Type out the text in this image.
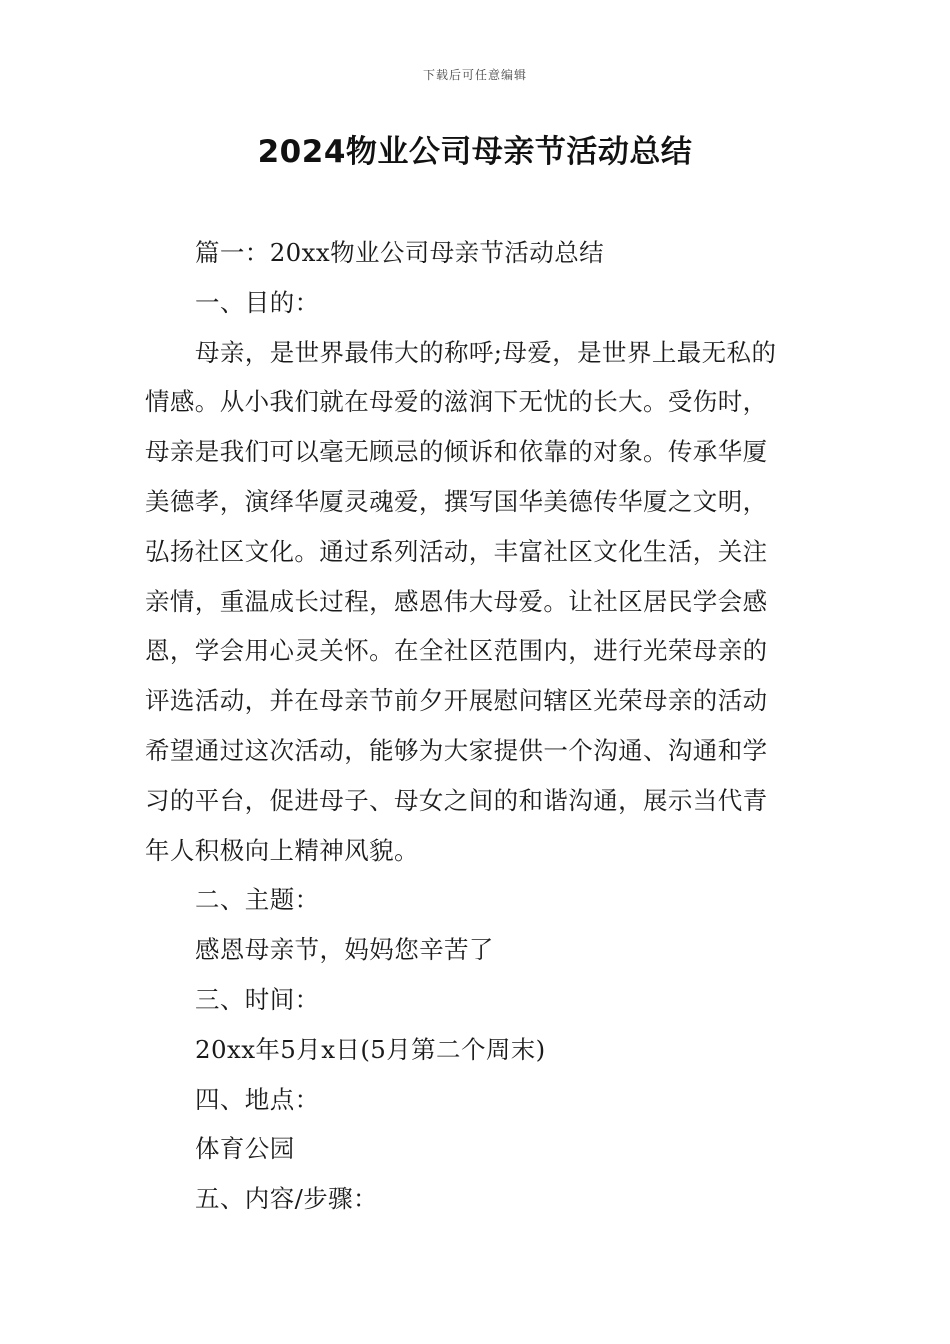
下载后可任意编辑
2024物业公司母亲节活动总结

篇一：20xx物业公司母亲节活动总结

一、目的：

母亲，是世界最伟大的称呼;母爱，是世界上最无私的
情感。从小我们就在母爱的滋润下无忧的长大。受伤时，
母亲是我们可以毫无顾忌的倾诉和依靠的对象。传承华厦
美德孝，演绎华厦灵魂爱，撰写国华美德传华厦之文明，
弘扬社区文化。通过系列活动，丰富社区文化生活，关注
亲情，重温成长过程，感恩伟大母爱。让社区居民学会感
恩，学会用心灵关怀。在全社区范围内，进行光荣母亲的
评选活动，并在母亲节前夕开展慰问辖区光荣母亲的活动
希望通过这次活动，能够为大家提供一个沟通、沟通和学
习的平台，促进母子、母女之间的和谐沟通，展示当代青
年人积极向上精神风貌。

二、主题：

感恩母亲节，妈妈您辛苦了

三、时间：

20xx年5月x日(5月第二个周末)

四、地点：

体育公园

五、内容/步骤：
